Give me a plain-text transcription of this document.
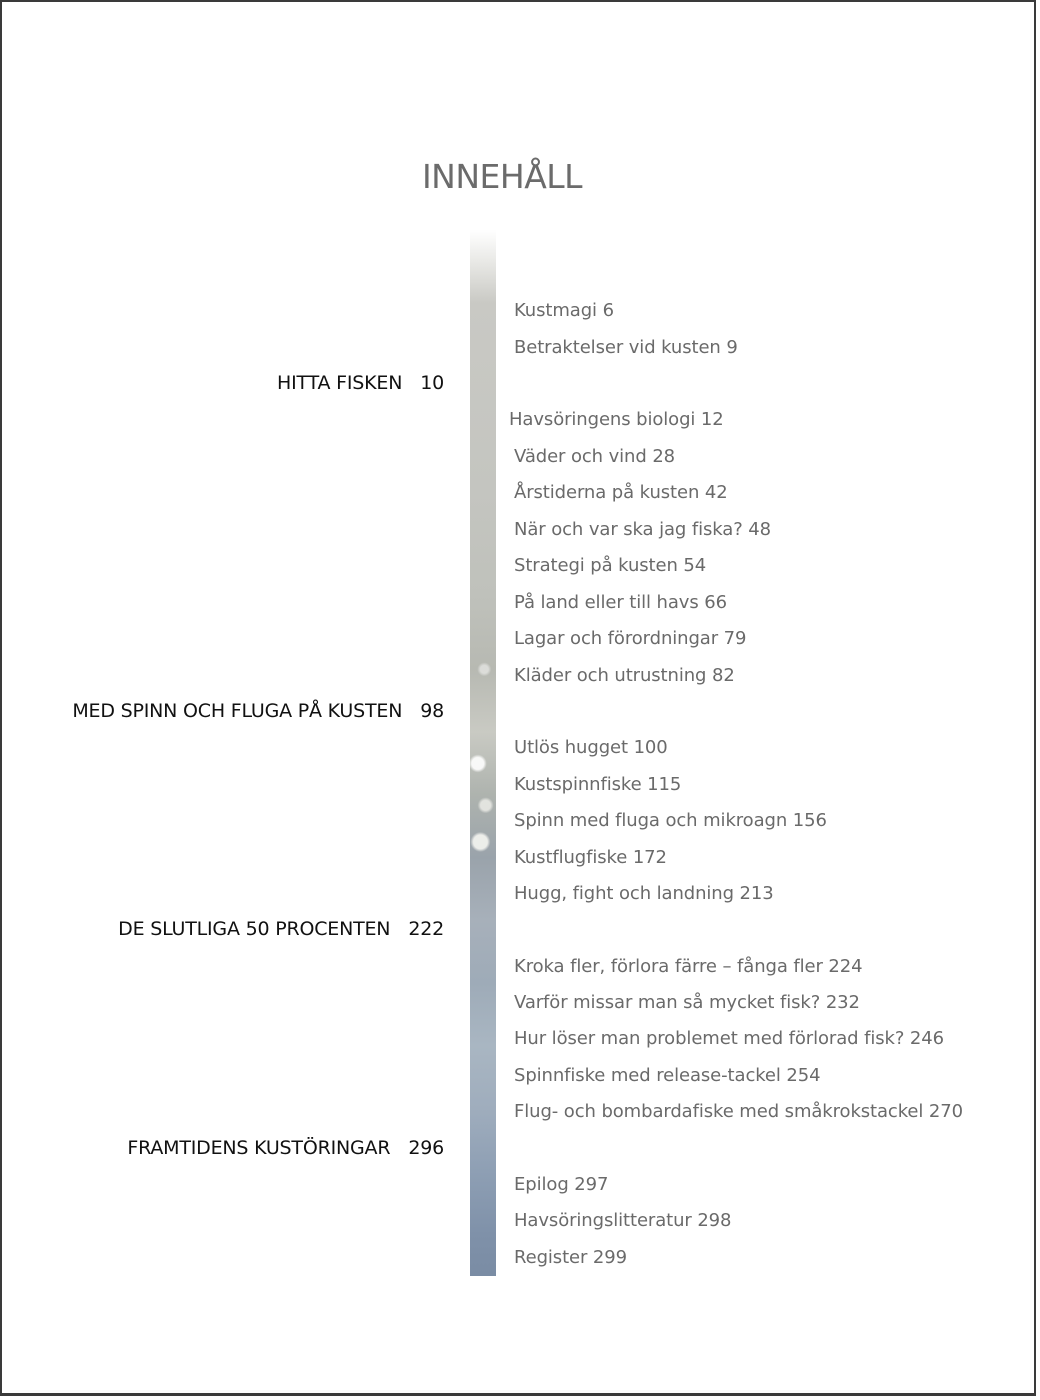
INNEHÅLL
Kustmagi 6
Betraktelser vid kusten 9
HITTA FISKEN 10
Havsöringens biologi 12
Väder och vind 28
Årstiderna på kusten 42
När och var ska jag fiska? 48
Strategi på kusten 54
På land eller till havs 66
Lagar och förordningar 79
Kläder och utrustning 82
MED SPINN OCH FLUGA PÅ KUSTEN 98
Utlös hugget 100
Kustspinnfiske 115
Spinn med fluga och mikroagn 156
Kustflugfiske 172
Hugg, fight och landning 213
DE SLUTLIGA 50 PROCENTEN 222
Kroka fler, förlora färre – fånga fler 224
Varför missar man så mycket fisk? 232
Hur löser man problemet med förlorad fisk? 246
Spinnfiske med release-tackel 254
Flug- och bombardafiske med småkrokstackel 270
FRAMTIDENS KUSTÖRINGAR 296
Epilog 297
Havsöringslitteratur 298
Register 299
